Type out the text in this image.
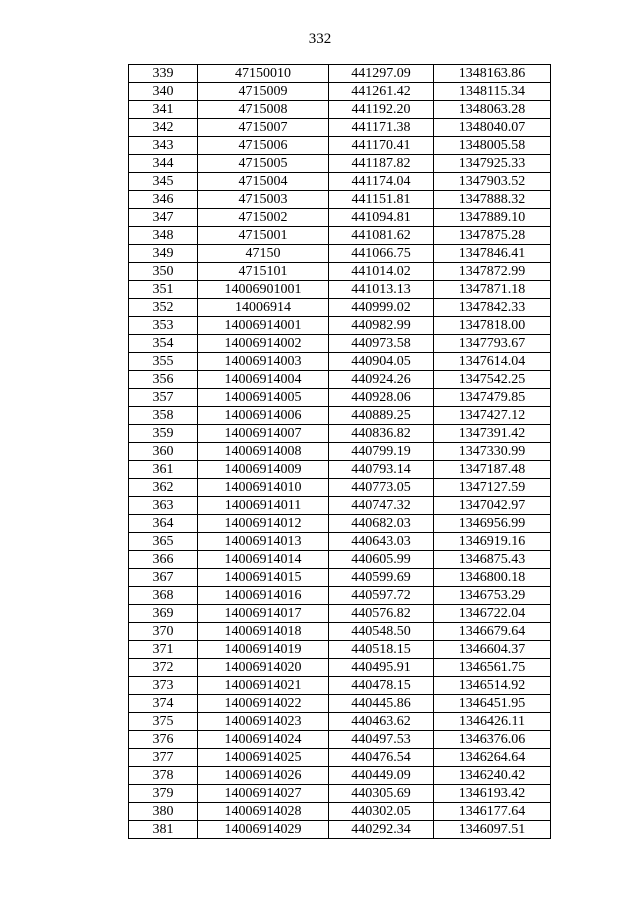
332
339	47150010	441297.09	1348163.86
340	4715009	441261.42	1348115.34
341	4715008	441192.20	1348063.28
342	4715007	441171.38	1348040.07
343	4715006	441170.41	1348005.58
344	4715005	441187.82	1347925.33
345	4715004	441174.04	1347903.52
346	4715003	441151.81	1347888.32
347	4715002	441094.81	1347889.10
348	4715001	441081.62	1347875.28
349	47150	441066.75	1347846.41
350	4715101	441014.02	1347872.99
351	14006901001	441013.13	1347871.18
352	14006914	440999.02	1347842.33
353	14006914001	440982.99	1347818.00
354	14006914002	440973.58	1347793.67
355	14006914003	440904.05	1347614.04
356	14006914004	440924.26	1347542.25
357	14006914005	440928.06	1347479.85
358	14006914006	440889.25	1347427.12
359	14006914007	440836.82	1347391.42
360	14006914008	440799.19	1347330.99
361	14006914009	440793.14	1347187.48
362	14006914010	440773.05	1347127.59
363	14006914011	440747.32	1347042.97
364	14006914012	440682.03	1346956.99
365	14006914013	440643.03	1346919.16
366	14006914014	440605.99	1346875.43
367	14006914015	440599.69	1346800.18
368	14006914016	440597.72	1346753.29
369	14006914017	440576.82	1346722.04
370	14006914018	440548.50	1346679.64
371	14006914019	440518.15	1346604.37
372	14006914020	440495.91	1346561.75
373	14006914021	440478.15	1346514.92
374	14006914022	440445.86	1346451.95
375	14006914023	440463.62	1346426.11
376	14006914024	440497.53	1346376.06
377	14006914025	440476.54	1346264.64
378	14006914026	440449.09	1346240.42
379	14006914027	440305.69	1346193.42
380	14006914028	440302.05	1346177.64
381	14006914029	440292.34	1346097.51
